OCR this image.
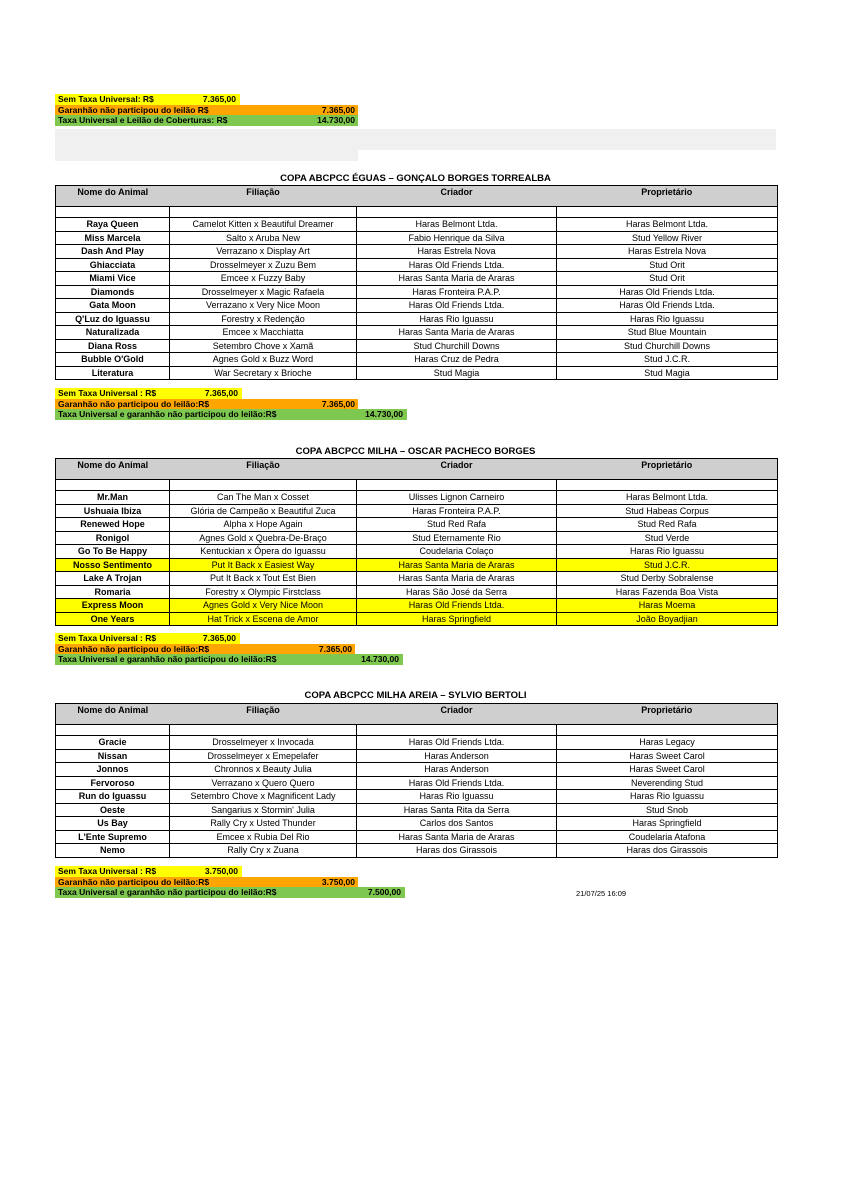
Sem Taxa Universal: R$	7.365,00
Garanhão não participou do leilão R$	7.365,00
Taxa Universal e Leilão de Coberturas: R$	14.730,00
COPA ABCPCC ÉGUAS – GONÇALO BORGES TORREALBA
Nome do Animal	Filiação	Criador	Proprietário

Raya Queen	Camelot Kitten x Beautiful Dreamer	Haras Belmont Ltda.	Haras Belmont Ltda.
Miss Marcela	Salto x Aruba New	Fabio Henrique da Silva	Stud Yellow River
Dash And Play	Verrazano x Display Art	Haras Estrela Nova	Haras Estrela Nova
Ghiacciata	Drosselmeyer x Zuzu Bem	Haras Old Friends Ltda.	Stud Orit
Miami Vice	Emcee x Fuzzy Baby	Haras Santa Maria de Araras	Stud Orit
Diamonds	Drosselmeyer x Magic Rafaela	Haras Fronteira P.A.P.	Haras Old Friends Ltda.
Gata Moon	Verrazano x Very Nice Moon	Haras Old Friends Ltda.	Haras Old Friends Ltda.
Q'Luz do Iguassu	Forestry x Redenção	Haras Rio Iguassu	Haras Rio Iguassu
Naturalizada	Emcee x Macchiatta	Haras Santa Maria de Araras	Stud Blue Mountain
Diana Ross	Setembro Chove x Xamã	Stud Churchill Downs	Stud Churchill Downs
Bubble O'Gold	Agnes Gold x Buzz Word	Haras Cruz de Pedra	Stud J.C.R.
Literatura	War Secretary x Brioche	Stud Magia	Stud Magia
Sem Taxa Universal : R$	7.365,00
Garanhão não participou do leilão:R$	7.365,00
Taxa Universal e garanhão não participou do leilão:R$	14.730,00
COPA ABCPCC MILHA – OSCAR PACHECO BORGES
Nome do Animal	Filiação	Criador	Proprietário

Mr.Man	Can The Man x Cosset	Ulisses Lignon Carneiro	Haras Belmont Ltda.
Ushuaia Ibiza	Glória de Campeão x Beautiful Zuca	Haras Fronteira P.A.P.	Stud Habeas Corpus
Renewed Hope	Alpha x Hope Again	Stud Red Rafa	Stud Red Rafa
Ronigol	Agnes Gold x Quebra-De-Braço	Stud Eternamente Rio	Stud Verde
Go To Be Happy	Kentuckian x Ópera do Iguassu	Coudelaria Colaço	Haras Rio Iguassu
Nosso Sentimento	Put It Back x Easiest Way	Haras Santa Maria de Araras	Stud J.C.R.
Lake A Trojan	Put It Back x Tout Est Bien	Haras Santa Maria de Araras	Stud Derby Sobralense
Romaria	Forestry x Olympic Firstclass	Haras São José da Serra	Haras Fazenda Boa Vista
Express Moon	Agnes Gold x Very Nice Moon	Haras Old Friends Ltda.	Haras Moema
One Years	Hat Trick x Escena de Amor	Haras Springfield	João Boyadjian
Sem Taxa Universal : R$	7.365,00
Garanhão não participou do leilão:R$	7.365,00
Taxa Universal e garanhão não participou do leilão:R$	14.730,00
COPA ABCPCC MILHA AREIA – SYLVIO BERTOLI
Nome do Animal	Filiação	Criador	Proprietário

Gracie	Drosselmeyer x Invocada	Haras Old Friends Ltda.	Haras Legacy
Nissan	Drosselmeyer x Emepelafer	Haras Anderson	Haras Sweet Carol
Jonnos	Chronnos x Beauty Julia	Haras Anderson	Haras Sweet Carol
Fervoroso	Verrazano x Quero Quero	Haras Old Friends Ltda.	Neverending Stud
Run do Iguassu	Setembro Chove x Magnificent Lady	Haras Rio Iguassu	Haras Rio Iguassu
Oeste	Sangarius x Stormin' Julia	Haras Santa Rita da Serra	Stud Snob
Us Bay	Rally Cry x Usted Thunder	Carlos dos Santos	Haras Springfield
L'Ente Supremo	Emcee x Rubia Del Rio	Haras Santa Maria de Araras	Coudelaria Atafona
Nemo	Rally Cry x Zuana	Haras dos Girassois	Haras dos Girassois
Sem Taxa Universal : R$	3.750,00
Garanhão não participou do leilão:R$	3.750,00
Taxa Universal e garanhão não participou do leilão:R$	7.500,00	21/07/25 16:09
